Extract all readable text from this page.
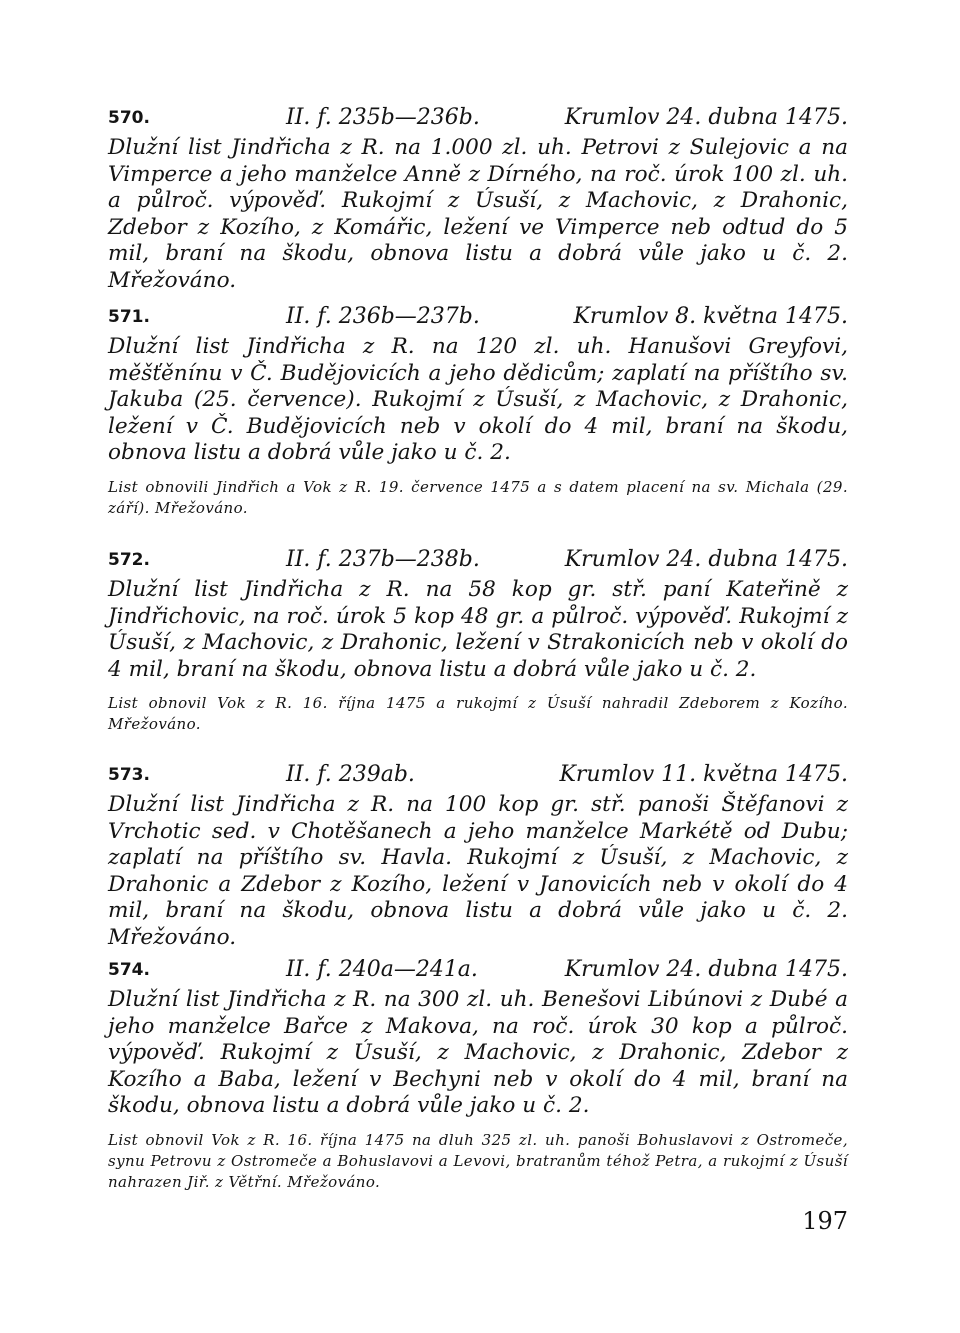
570.	II. f. 235b—236b.	Krumlov 24. dubna 1475.

Dlužní list Jindřicha z R. na 1.000 zl. uh. Petrovi z Sulejovic a na Vimperce a jeho manželce Anně z Dírného, na roč. úrok 100 zl. uh. a půlroč. výpověď. Rukojmí z Úsuší, z Machovic, z Drahonic, Zdebor z Kozího, z Komářic, ležení ve Vimperce neb odtud do 5 mil, braní na škodu, obnova listu a dobrá vůle jako u č. 2. Mřežováno.

571.	II. f. 236b—237b.	Krumlov 8. května 1475.

Dlužní list Jindřicha z R. na 120 zl. uh. Hanušovi Greyfovi, měšťěnínu v Č. Budějovicích a jeho dědicům; zaplatí na příštího sv. Jakuba (25. července). Rukojmí z Úsuší, z Machovic, z Drahonic, ležení v Č. Budějovicích neb v okolí do 4 mil, braní na škodu, obnova listu a dobrá vůle jako u č. 2.

List obnovili Jindřich a Vok z R. 19. července 1475 a s datem placení na sv. Michala (29. září). Mřežováno.

572.	II. f. 237b—238b.	Krumlov 24. dubna 1475.

Dlužní list Jindřicha z R. na 58 kop gr. stř. paní Kateřině z Jindřichovic, na roč. úrok 5 kop 48 gr. a půlroč. výpověď. Rukojmí z Úsuší, z Machovic, z Drahonic, ležení v Strakonicích neb v okolí do 4 mil, braní na škodu, obnova listu a dobrá vůle jako u č. 2.

List obnovil Vok z R. 16. října 1475 a rukojmí z Úsuší nahradil Zdeborem z Kozího. Mřežováno.

573.	II. f. 239ab.	Krumlov 11. května 1475.

Dlužní list Jindřicha z R. na 100 kop gr. stř. panoši Štěfanovi z Vrchotic sed. v Chotěšanech a jeho manželce Markétě od Dubu; zaplatí na příštího sv. Havla. Rukojmí z Úsuší, z Machovic, z Drahonic a Zdebor z Kozího, ležení v Janovicích neb v okolí do 4 mil, braní na škodu, obnova listu a dobrá vůle jako u č. 2. Mřežováno.

574.	II. f. 240a—241a.	Krumlov 24. dubna 1475.

Dlužní list Jindřicha z R. na 300 zl. uh. Benešovi Libúnovi z Dubé a jeho manželce Bařce z Makova, na roč. úrok 30 kop a půlroč. výpověď. Rukojmí z Úsuší, z Machovic, z Drahonic, Zdebor z Kozího a Baba, ležení v Bechyni neb v okolí do 4 mil, braní na škodu, obnova listu a dobrá vůle jako u č. 2.

List obnovil Vok z R. 16. října 1475 na dluh 325 zl. uh. panoši Bohuslavovi z Ostromeče, synu Petrovu z Ostromeče a Bohuslavovi a Levovi, bratranům téhož Petra, a rukojmí z Úsuší nahrazen Jiř. z Větřní. Mřežováno.

197
